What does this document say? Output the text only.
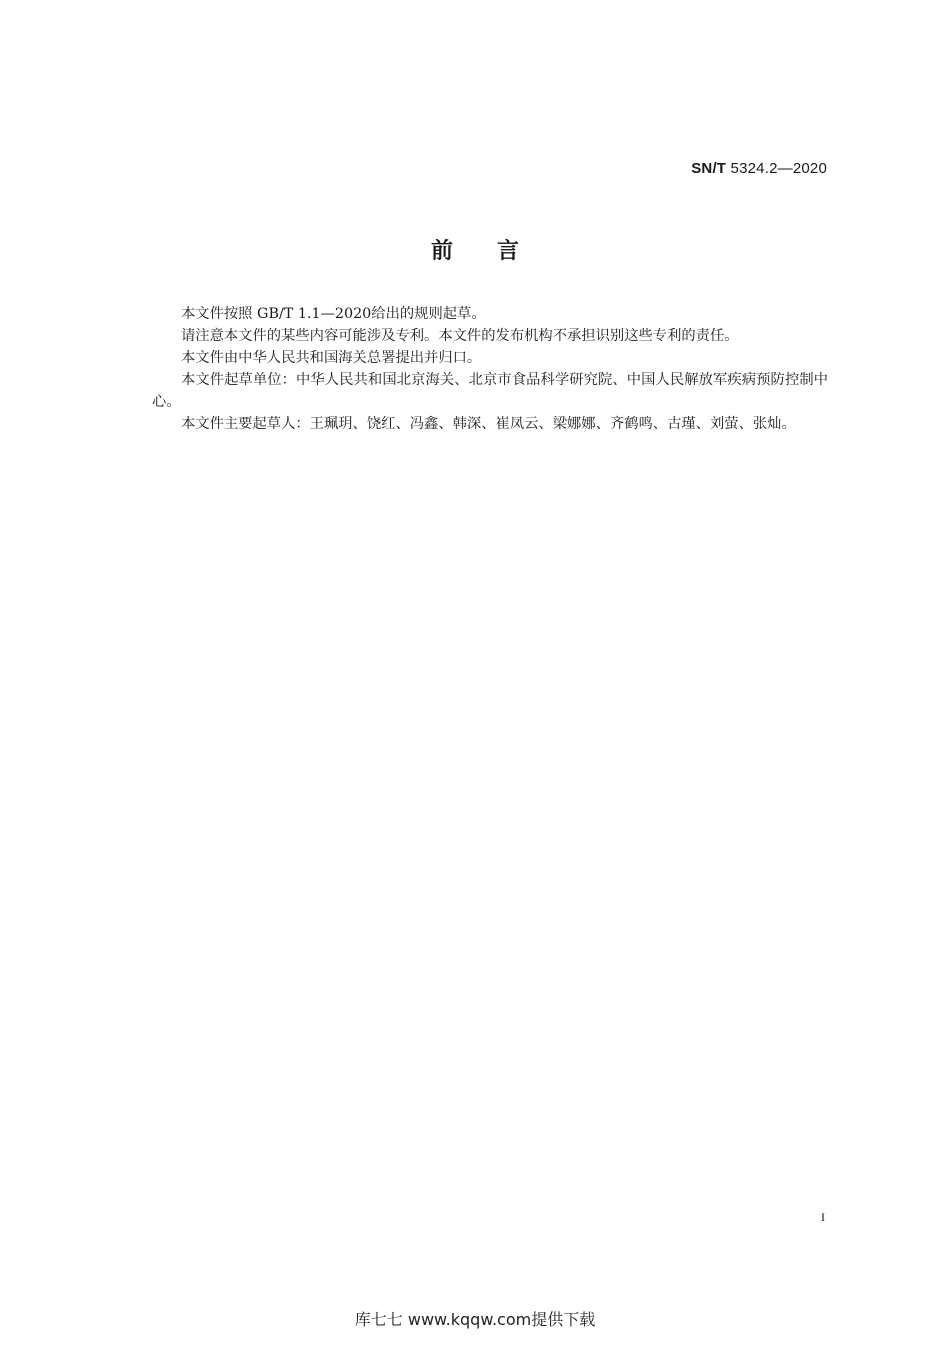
SN/T 5324.2—2020
前 言

本文件按照 GB/T 1.1—2020给出的规则起草。

请注意本文件的某些内容可能涉及专利。本文件的发布机构不承担识别这些专利的责任。

本文件由中华人民共和国海关总署提出并归口。

本文件起草单位：中华人民共和国北京海关、北京市食品科学研究院、中国人民解放军疾病预防控制中心。

本文件主要起草人：王珮玥、饶红、冯鑫、韩深、崔凤云、梁娜娜、齐鹤鸣、古瑾、刘萤、张灿。

I
库七七 www.kqqw.com提供下载
